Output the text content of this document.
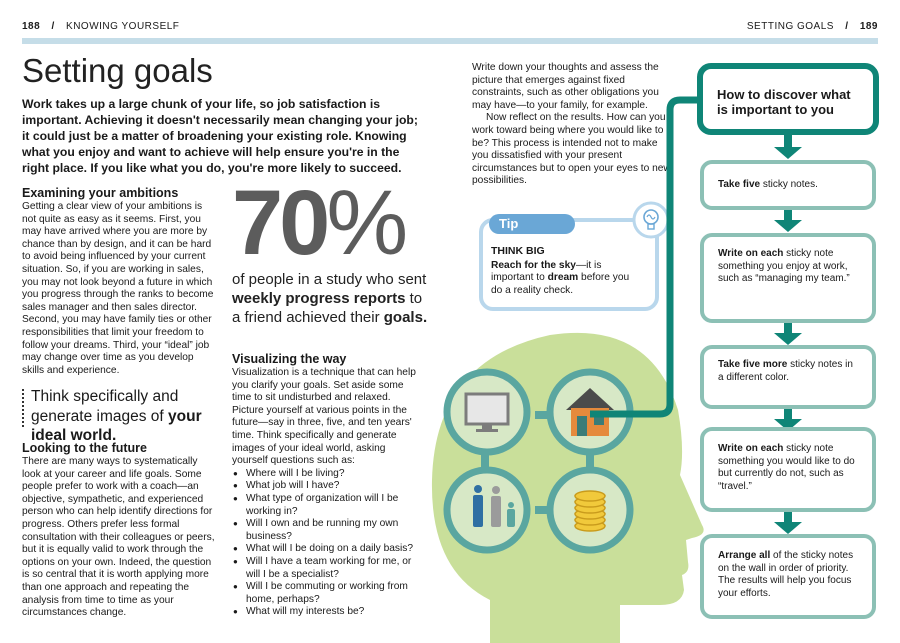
188 / KNOWING YOURSELF	SETTING GOALS / 189
Setting goals
Work takes up a large chunk of your life, so job satisfaction is important. Achieving it doesn't necessarily mean changing your job; it could just be a matter of broadening your existing role. Knowing what you enjoy and want to achieve will help ensure you're in the right place. If you like what you do, you're more likely to succeed.
Examining your ambitions
Getting a clear view of your ambitions is not quite as easy as it seems. First, you may have arrived where you are more by chance than by design, and it can be hard to avoid being influenced by your current situation. So, if you are working in sales, you may not look beyond a future in which you progress through the ranks to become sales manager and then sales director. Second, you may have family ties or other responsibilities that limit your freedom to follow your dreams. Third, your “ideal” job may change over time as you develop skills and experience.
Think specifically and generate images of your ideal world.
Looking to the future
There are many ways to systematically look at your career and life goals. Some people prefer to work with a coach—an objective, sympathetic, and experienced person who can help identify directions for progress. Others prefer less formal consultation with their colleagues or peers, but it is equally valid to work through the options on your own. Indeed, the question is so central that it is worth applying more than one approach and repeating the analysis from time to time as your circumstances change.
70%
of people in a study who sent weekly progress reports to a friend achieved their goals.
Visualizing the way
Visualization is a technique that can help you clarify your goals. Set aside some time to sit undisturbed and relaxed. Picture yourself at various points in the future—say in three, five, and ten years' time. Think specifically and generate images of your ideal world, asking yourself questions such as:
● Where will I be living?
● What job will I have?
● What type of organization will I be working in?
● Will I own and be running my own business?
● What will I be doing on a daily basis?
● Will I have a team working for me, or will I be a specialist?
● Will I be commuting or working from home, perhaps?
● What will my interests be?
Write down your thoughts and assess the picture that emerges against fixed constraints, such as other obligations you may have—to your family, for example.
Now reflect on the results. How can you work toward being where you would like to be? This process is intended not to make you dissatisfied with your present circumstances but to open your eyes to new possibilities.
Tip
THINK BIG
Reach for the sky—it is important to dream before you do a reality check.
How to discover what is important to you
Take five sticky notes.
Write on each sticky note something you enjoy at work, such as “managing my team.”
Take five more sticky notes in a different color.
Write on each sticky note something you would like to do but currently do not, such as “travel.”
Arrange all of the sticky notes on the wall in order of priority. The results will help you focus your efforts.
